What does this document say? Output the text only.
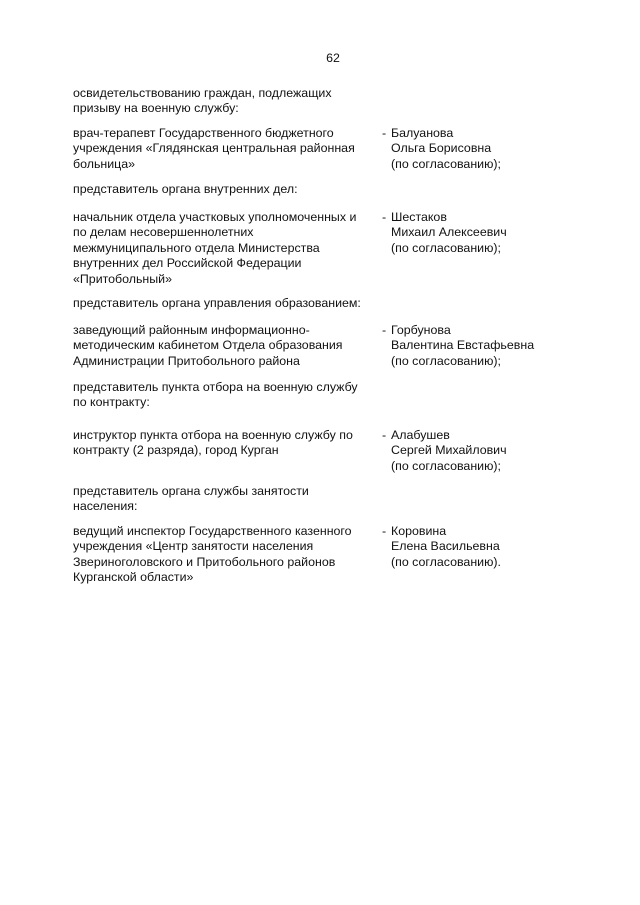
62
освидетельствованию граждан, подлежащих
призыву на военную службу:
врач-терапевт Государственного бюджетного
учреждения «Глядянская центральная районная
больница»
- Балуанова
Ольга Борисовна
(по согласованию);
представитель органа внутренних дел:
начальник отдела участковых уполномоченных и
по делам несовершеннолетних
межмуниципального отдела Министерства
внутренних дел Российской Федерации
«Притобольный»
- Шестаков
Михаил Алексеевич
(по согласованию);
представитель органа управления образованием:
заведующий районным информационно-
методическим кабинетом Отдела образования
Администрации Притобольного района
- Горбунова
Валентина Евстафьевна
(по согласованию);
представитель пункта отбора на военную службу
по контракту:
инструктор пункта отбора на военную службу по
контракту (2 разряда), город Курган
- Алабушев
Сергей Михайлович
(по согласованию);
представитель органа службы занятости
населения:
ведущий инспектор Государственного казенного
учреждения «Центр занятости населения
Звериноголовского и Притобольного районов
Курганской области»
- Коровина
Елена Васильевна
(по согласованию).
